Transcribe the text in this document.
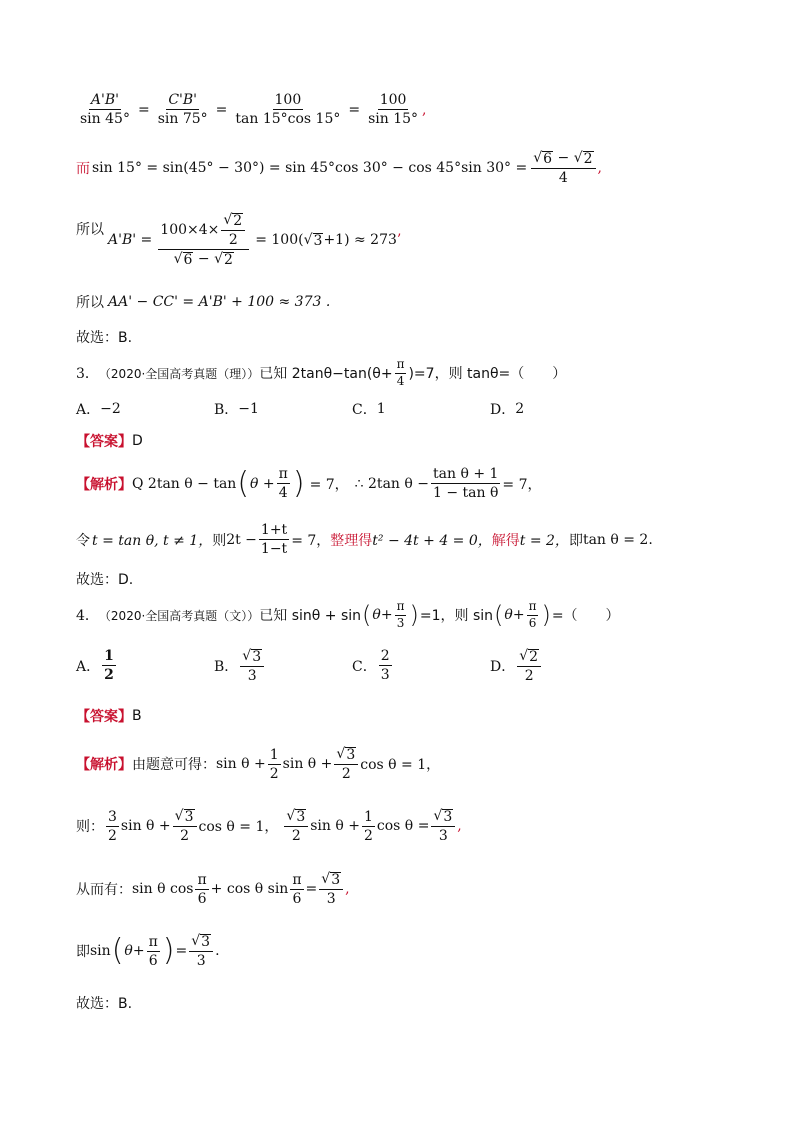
$\frac{A'B'}{\sin 45^\circ} = \frac{C'B'}{\sin 75^\circ} = \frac{100}{\tan 15^\circ\cos 15^\circ} = \frac{100}{\sin 15^\circ}$ ,
而 sin 15° = sin(45° − 30°) = sin 45°cos 30° − cos 45°sin $30^\circ = \frac{√ 6 - √ 2}{4}$ ,
所以
$A'B' = \frac{100\times 4\times \frac{√ 2}{2}}{√ 6 - √ 2} = 100$( √ 3 +1) ≈ 273 ’
所以 AA' − CC' = A'B' + 100 ≈ 373 .
故选：B.
3． （2020·全国高考真题（理）） 已知 $2\tan\theta-\tan(\theta+ \frac{\pi}{4} )=7$，则 tanθ=（　　）
A． −2	B． −1	C． 1	D． 2
【答案】 D
【解析】 Q 2tan θ − tan ( $\theta + \frac{\pi}{4}$ ) = 7， ∴ 2tan $\theta - \frac{\text{tan θ + 1}}{\text{1 − tan θ}} = 7$，
令 t = tan θ, t ≠ 1， 则 $2t - \frac{1+t}{1-t} = 7$， 整理得 t² − 4t + 4 = 0， 解得 t = 2， 即 tan θ = 2.
故选：D.
4． （2020·全国高考真题（文）） 已知 sinθ + sin ( $\theta+ \frac{\pi}{3}$ ) =1，则 sin ( $\theta+ \frac{\pi}{6}$ ) =（　　）
A． $\frac{1}{2}$	B． $\frac{√ 3}{3}$	C． $\frac{2}{3}$	D． $\frac{√ 2}{2}$
【答案】 B
【解析】 由题意可得： $\sin \theta + \frac{1}{2}$ $\sin \theta + \frac{√ 3}{2}$ cos θ = 1，
则： $\frac{3}{2}$ $\sin \theta + \frac{√ 3}{2}$ cos θ = 1， $\frac{√ 3}{2}$ $\sin \theta + \frac{1}{2}$ $\cos \theta = \frac{√ 3}{3}$ ,
从而有： sin θ $\cos \frac{\pi}{6} + \cos \theta$ $\sin \frac{\pi}{6} = \frac{√ 3}{3}$ ,
即 sin ( $\theta+ \frac{\pi}{6}$ ) = $\frac{√ 3}{3}$ .
故选：B.
